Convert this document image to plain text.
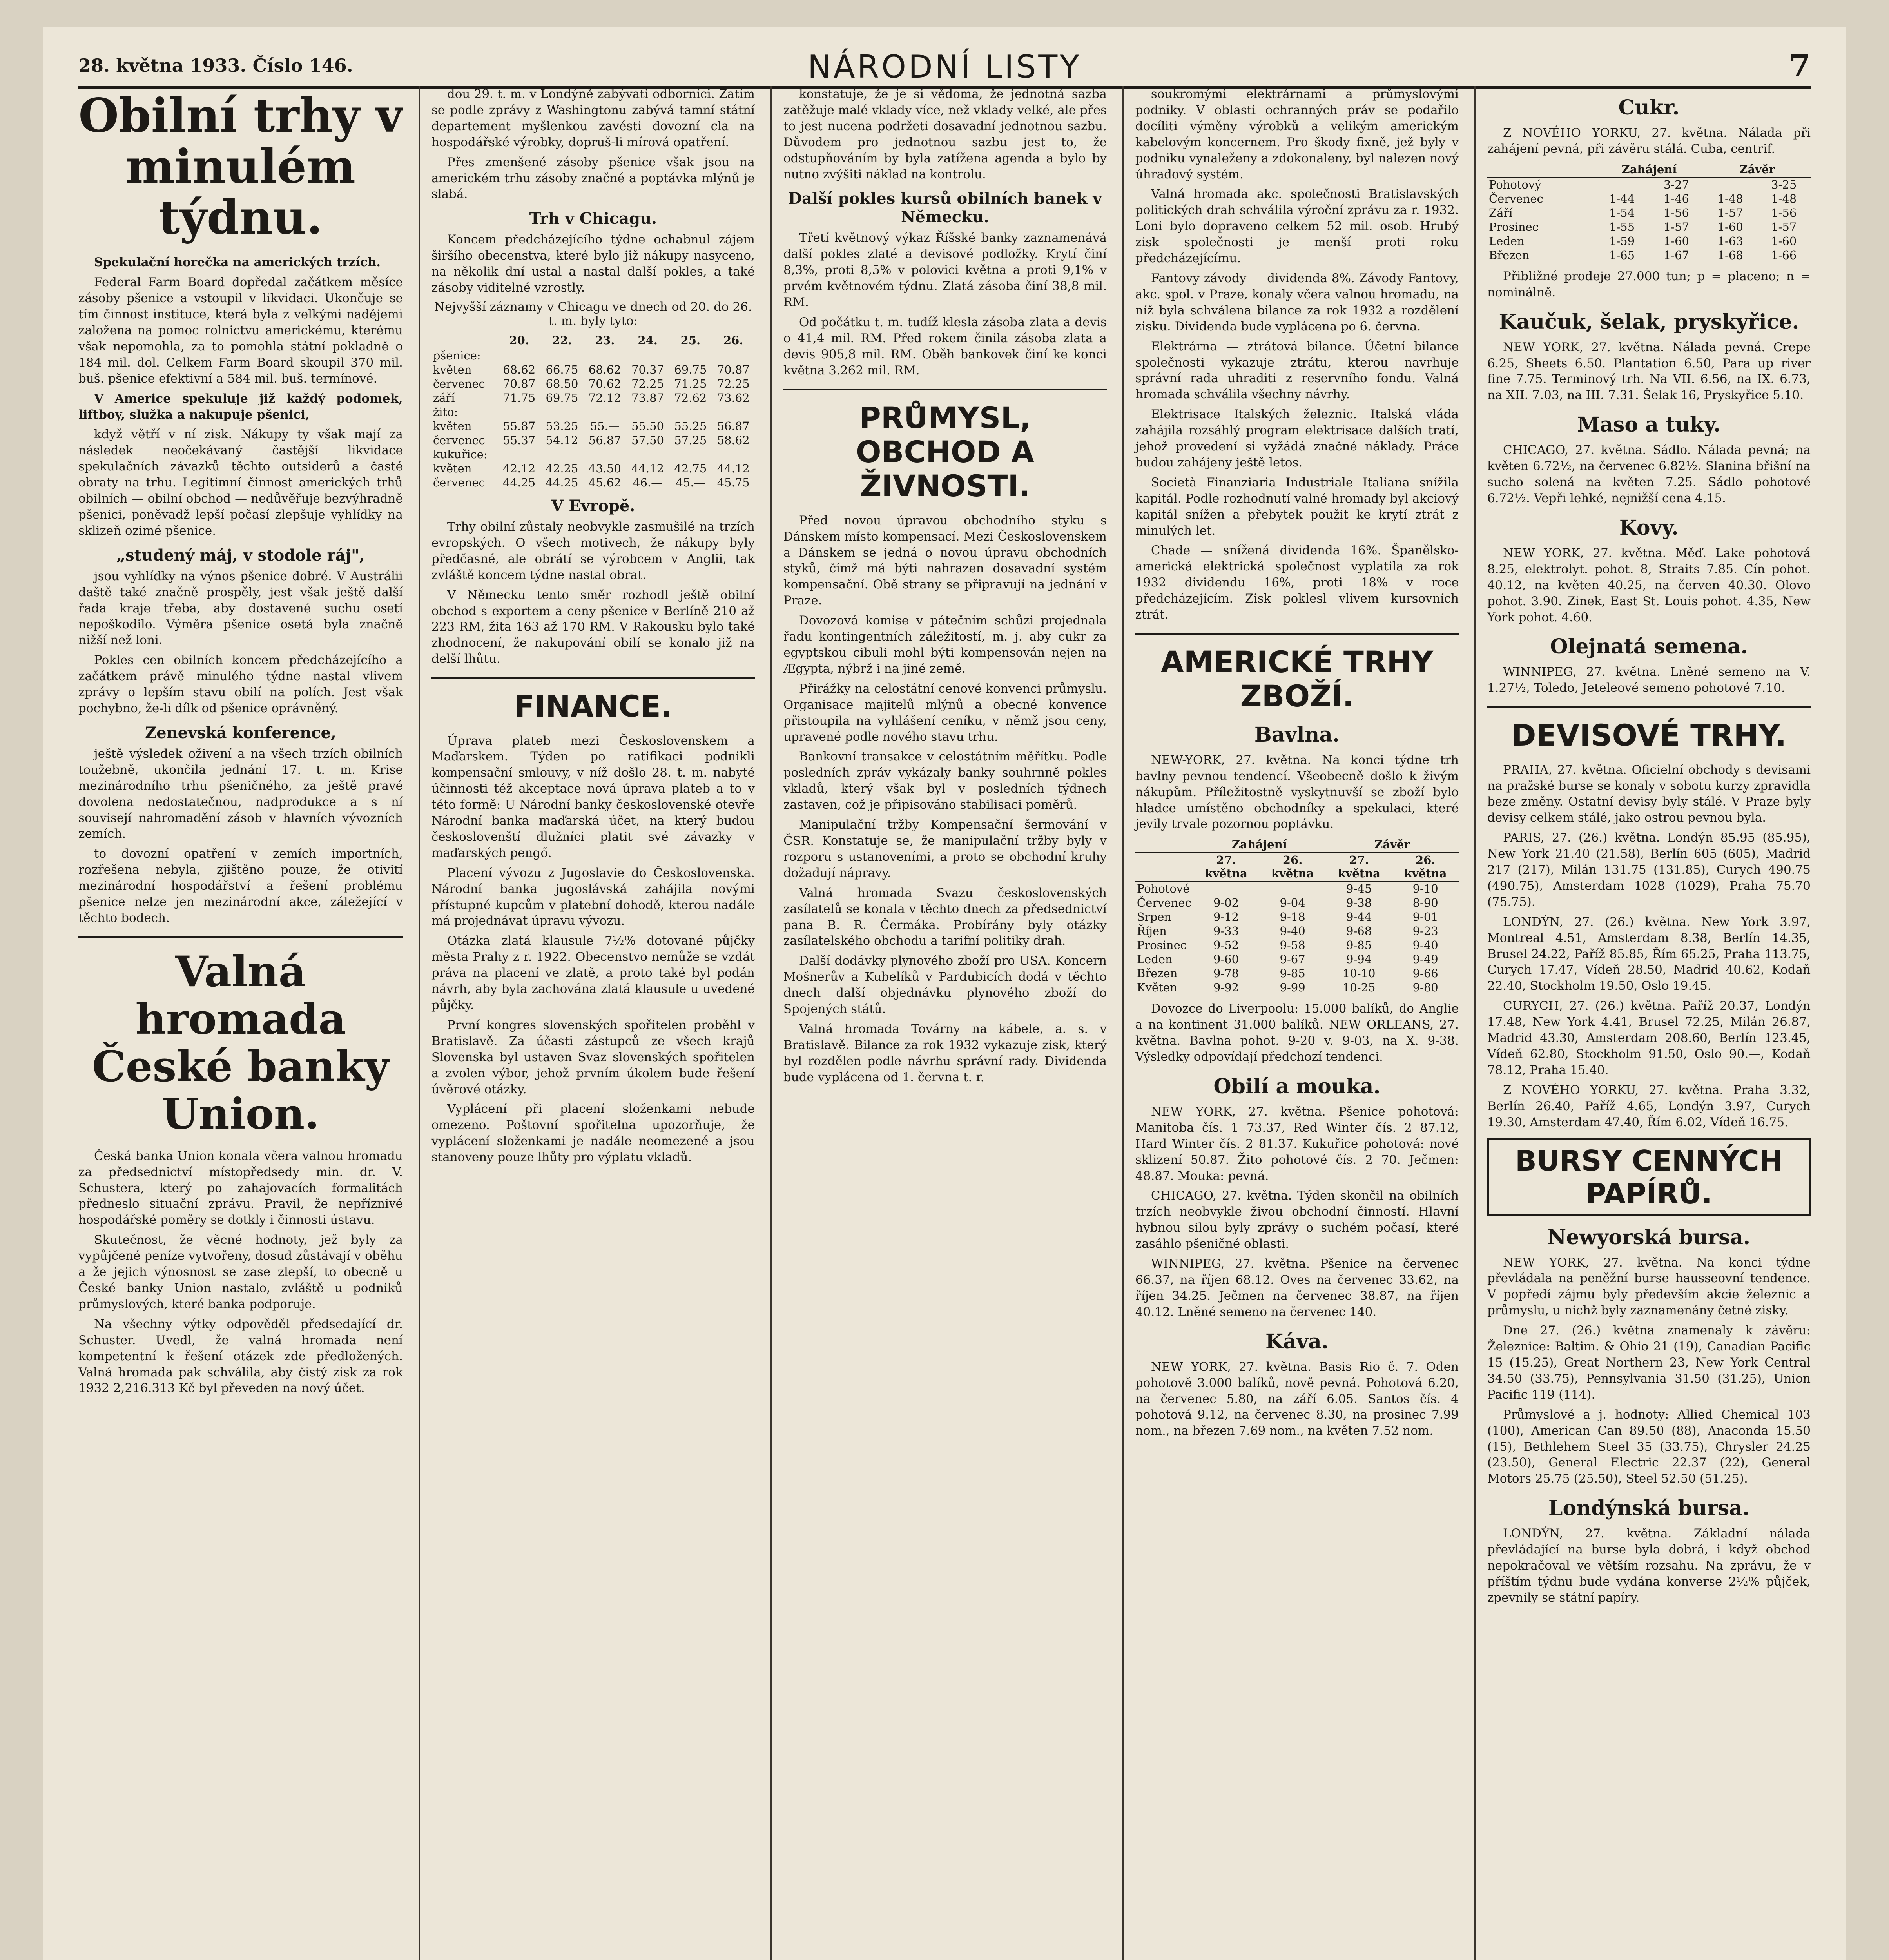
28. května 1933. Číslo 146.	NÁRODNÍ LISTY	7
Obilní trhy v minulém týdnu.

Spekulační horečka na amerických trzích.

Federal Farm Board dopředal začátkem měsíce zásoby pšenice a vstoupil v likvidaci. Ukončuje se tím činnost instituce, která byla z velkými nadějemi založena na pomoc rolnictvu americkému, kterému však nepomohla, za to pomohla státní pokladně o 184 mil. dol. Celkem Farm Board skoupil 370 mil. buš. pšenice efektivní a 584 mil. buš. termínové.

V Americe spekuluje již každý podomek, liftboy, služka a nakupuje pšenici,

když větří v ní zisk. Nákupy ty však mají za následek neočekávaný častější likvidace spekulačních závazků těchto outsiderů a časté obraty na trhu. Legitimní činnost amerických trhů obilních — obilní obchod — nedůvěřuje bezvýhradně pšenici, poněvadž lepší počasí zlepšuje vyhlídky na sklizeň ozimé pšenice.

„studený máj, v stodole ráj",

jsou vyhlídky na výnos pšenice dobré. V Austrálii daště také značně prospěly, jest však ještě další řada kraje třeba, aby dostavené suchu osetí nepoškodilo. Výměra pšenice osetá byla značně nižší než loni.

Pokles cen obilních koncem předcházejícího a začátkem právě minulého týdne nastal vlivem zprávy o lepším stavu obilí na polích. Jest však pochybno, že-li dílk od pšenice oprávněný.

Zenevská konference,

ještě výsledek oživení a na všech trzích obilních toužebně, ukončila jednání 17. t. m. Krise mezinárodního trhu pšeničného, za ještě pravé dovolena nedostatečnou, nadprodukce a s ní souvisejí nahromadění zásob v hlavních vývozních zemích.

to dovozní opatření v zemích importních, rozřešena nebyla, zjištěno pouze, že otivití mezinárodní hospodářství a řešení problému pšenice nelze jen mezinárodní akce, záležející v těchto bodech.

Valná hromada České banky Union.

Česká banka Union konala včera valnou hromadu za předsednictví místopředsedy min. dr. V. Schustera, který po zahajovacích formalitách předneslo situační zprávu. Pravil, že nepříznivé hospodářské poměry se dotkly i činnosti ústavu.

Skutečnost, že věcné hodnoty, jež byly za vypůjčené peníze vytvořeny, dosud zůstávají v oběhu a že jejich výnosnost se zase zlepší, to obecně u České banky Union nastalo, zvláště u podniků průmyslových, které banka podporuje.

Na všechny výtky odpověděl předsedající dr. Schuster. Uvedl, že valná hromada není kompetentní k řešení otázek zde předložených. Valná hromada pak schválila, aby čistý zisk za rok 1932 2,216.313 Kč byl převeden na nový účet.

dou 29. t. m. v Londýně zabývati odborníci. Zatím se podle zprávy z Washingtonu zabývá tamní státní departement myšlenkou zavésti dovozní cla na hospodářské výrobky, dopruš-li mírová opatření.

Přes zmenšené zásoby pšenice však jsou na americkém trhu zásoby značné a poptávka mlýnů je slabá.

Trh v Chicagu.

Koncem předcházejícího týdne ochabnul zájem širšího obecenstva, které bylo již nákupy nasyceno, na několik dní ustal a nastal další pokles, a také zásoby viditelné vzrostly.

Nejvyšší záznamy v Chicagu ve dnech od 20. do 26. t. m. byly tyto:
	20.	22.	23.	24.	25.	26.
pšenice:						
květen	68.62	66.75	68.62	70.37	69.75	70.87
červenec	70.87	68.50	70.62	72.25	71.25	72.25
září	71.75	69.75	72.12	73.87	72.62	73.62
žito:						
květen	55.87	53.25	55.—	55.50	55.25	56.87
červenec	55.37	54.12	56.87	57.50	57.25	58.62
kukuřice:						
květen	42.12	42.25	43.50	44.12	42.75	44.12
červenec	44.25	44.25	45.62	46.—	45.—	45.75
V Evropě.

Trhy obilní zůstaly neobvykle zasmušilé na trzích evropských. O všech motivech, že nákupy byly předčasné, ale obrátí se výrobcem v Anglii, tak zvláště koncem týdne nastal obrat.

V Německu tento směr rozhodl ještě obilní obchod s exportem a ceny pšenice v Berlíně 210 až 223 RM, žita 163 až 170 RM. V Rakousku bylo také zhodnocení, že nakupování obilí se konalo již na delší lhůtu.

FINANCE.

Úprava plateb mezi Československem a Maďarskem. Týden po ratifikaci podnikli kompensační smlouvy, v níž došlo 28. t. m. nabyté účinnosti též akceptace nová úprava plateb a to v této formě: U Národní banky československé otevře Národní banka maďarská účet, na který budou českoslovenští dlužníci platit své závazky v maďarských pengő.

Placení vývozu z Jugoslavie do Československa. Národní banka jugoslávská zahájila novými přístupné kupcům v platební dohodě, kterou nadále má projednávat úpravu vývozu.

Otázka zlatá klausule 7½% dotované půjčky města Prahy z r. 1922. Obecenstvo nemůže se vzdát práva na placení ve zlatě, a proto také byl podán návrh, aby byla zachována zlatá klausule u uvedené půjčky.

První kongres slovenských spořitelen proběhl v Bratislavě. Za účasti zástupců ze všech krajů Slovenska byl ustaven Svaz slovenských spořitelen a zvolen výbor, jehož prvním úkolem bude řešení úvěrové otázky.

Vyplácení při placení složenkami nebude omezeno. Poštovní spořitelna upozorňuje, že vyplácení složenkami je nadále neomezené a jsou stanoveny pouze lhůty pro výplatu vkladů.

konstatuje, že je si vědoma, že jednotná sazba zatěžuje malé vklady více, než vklady velké, ale přes to jest nucena podržeti dosavadní jednotnou sazbu. Důvodem pro jednotnou sazbu jest to, že odstupňováním by byla zatížena agenda a bylo by nutno zvýšiti náklad na kontrolu.

Další pokles kursů obilních banek v Německu.

Třetí květnový výkaz Říšské banky zaznamenává další pokles zlaté a devisové podložky. Krytí činí 8,3%, proti 8,5% v polovici května a proti 9,1% v prvém květnovém týdnu. Zlatá zásoba činí 38,8 mil. RM.

Od počátku t. m. tudíž klesla zásoba zlata a devis o 41,4 mil. RM. Před rokem činila zásoba zlata a devis 905,8 mil. RM. Oběh bankovek činí ke konci května 3.262 mil. RM.

PRŮMYSL, OBCHOD A ŽIVNOSTI.

Před novou úpravou obchodního styku s Dánskem místo kompensací. Mezi Československem a Dánskem se jedná o novou úpravu obchodních styků, čímž má býti nahrazen dosavadní systém kompensační. Obě strany se připravují na jednání v Praze.

Dovozová komise v pátečním schůzi projednala řadu kontingentních záležitostí, m. j. aby cukr za egyptskou cibuli mohl býti kompensován nejen na Ægypta, nýbrž i na jiné země.

Přirážky na celostátní cenové konvenci průmyslu. Organisace majitelů mlýnů a obecné konvence přistoupila na vyhlášení ceníku, v němž jsou ceny, upravené podle nového stavu trhu.

Bankovní transakce v celostátním měřítku. Podle posledních zpráv vykázaly banky souhrnně pokles vkladů, který však byl v posledních týdnech zastaven, což je připisováno stabilisaci poměrů.

Manipulační tržby Kompensační šermování v ČSR. Konstatuje se, že manipulační tržby byly v rozporu s ustanoveními, a proto se obchodní kruhy dožadují nápravy.

Valná hromada Svazu československých zasílatelů se konala v těchto dnech za předsednictví pana B. R. Čermáka. Probírány byly otázky zasílatelského obchodu a tarifní politiky drah.

Další dodávky plynového zboží pro USA. Koncern Mošnerův a Kubelíků v Pardubicích dodá v těchto dnech další objednávku plynového zboží do Spojených států.

Valná hromada Továrny na kábele, a. s. v Bratislavě. Bilance za rok 1932 vykazuje zisk, který byl rozdělen podle návrhu správní rady. Dividenda bude vyplácena od 1. června t. r.

soukromými elektrárnami a průmyslovými podniky. V oblasti ochranných práv se podařilo docíliti výměny výrobků a velikým americkým kabelovým koncernem. Pro škody fixně, jež byly v podniku vynaleženy a zdokonaleny, byl nalezen nový úhradový systém.

Valná hromada akc. společnosti Bratislavských politických drah schválila výroční zprávu za r. 1932. Loni bylo dopraveno celkem 52 mil. osob. Hrubý zisk společnosti je menší proti roku předcházejícímu.

Fantovy závody — dividenda 8%. Závody Fantovy, akc. spol. v Praze, konaly včera valnou hromadu, na níž byla schválena bilance za rok 1932 a rozdělení zisku. Dividenda bude vyplácena po 6. června.

Elektrárna — ztrátová bilance. Účetní bilance společnosti vykazuje ztrátu, kterou navrhuje správní rada uhraditi z reservního fondu. Valná hromada schválila všechny návrhy.

Elektrisace Italských železnic. Italská vláda zahájila rozsáhlý program elektrisace dalších tratí, jehož provedení si vyžádá značné náklady. Práce budou zahájeny ještě letos.

Società Finanziaria Industriale Italiana snížila kapitál. Podle rozhodnutí valné hromady byl akciový kapitál snížen a přebytek použit ke krytí ztrát z minulých let.

Chade — snížená dividenda 16%. Španělsko-americká elektrická společnost vyplatila za rok 1932 dividendu 16%, proti 18% v roce předcházejícím. Zisk poklesl vlivem kursovních ztrát.

AMERICKÉ TRHY ZBOŽÍ.
Bavlna.

NEW-YORK, 27. května. Na konci týdne trh bavlny pevnou tendencí. Všeobecně došlo k živým nákupům. Příležitostně vyskytnuvší se zboží bylo hladce umístěno obchodníky a spekulaci, které jevily trvale pozornou poptávku.

	Zahájení		Závěr	
	27. května	26. května	27. května	26. května
Pohotové			9-45	9-10
Červenec	9-02	9-04	9-38	8-90
Srpen	9-12	9-18	9-44	9-01
Říjen	9-33	9-40	9-68	9-23
Prosinec	9-52	9-58	9-85	9-40
Leden	9-60	9-67	9-94	9-49
Březen	9-78	9-85	10-10	9-66
Květen	9-92	9-99	10-25	9-80

Dovozce do Liverpoolu: 15.000 balíků, do Anglie a na kontinent 31.000 balíků. NEW ORLEANS, 27. května. Bavlna pohot. 9-20 v. 9-03, na X. 9-38. Výsledky odpovídají předchozí tendenci.

Obilí a mouka.

NEW YORK, 27. května. Pšenice pohotová: Manitoba čís. 1 73.37, Red Winter čís. 2 87.12, Hard Winter čís. 2 81.37. Kukuřice pohotová: nové sklizení 50.87. Žito pohotové čís. 2 70. Ječmen: 48.87. Mouka: pevná.

CHICAGO, 27. května. Týden skončil na obilních trzích neobvykle živou obchodní činností. Hlavní hybnou silou byly zprávy o suchém počasí, které zasáhlo pšeničné oblasti.

WINNIPEG, 27. května. Pšenice na červenec 66.37, na říjen 68.12. Oves na červenec 33.62, na říjen 34.25. Ječmen na červenec 38.87, na říjen 40.12. Lněné semeno na červenec 140.

Káva.

NEW YORK, 27. května. Basis Rio č. 7. Oden pohotově 3.000 balíků, nově pevná. Pohotová 6.20, na červenec 5.80, na září 6.05. Santos čís. 4 pohotová 9.12, na červenec 8.30, na prosinec 7.99 nom., na březen 7.69 nom., na květen 7.52 nom.

Cukr.

Z NOVÉHO YORKU, 27. května. Nálada při zahájení pevná, při závěru stálá. Cuba, centrif.

	Zahájení		Závěr	
Pohotový		3-27		3-25
Červenec	1-44	1-46	1-48	1-48
Září	1-54	1-56	1-57	1-56
Prosinec	1-55	1-57	1-60	1-57
Leden	1-59	1-60	1-63	1-60
Březen	1-65	1-67	1-68	1-66

Přibližné prodeje 27.000 tun; p = placeno; n = nominálně.

Kaučuk, šelak, pryskyřice.

NEW YORK, 27. května. Nálada pevná. Crepe 6.25, Sheets 6.50. Plantation 6.50, Para up river fine 7.75. Terminový trh. Na VII. 6.56, na IX. 6.73, na XII. 7.03, na III. 7.31. Šelak 16, Pryskyřice 5.10.

Maso a tuky.

CHICAGO, 27. května. Sádlo. Nálada pevná; na květen 6.72½, na červenec 6.82½. Slanina břišní na sucho solená na květen 7.25. Sádlo pohotové 6.72½. Vepři lehké, nejnižší cena 4.15.

Kovy.

NEW YORK, 27. května. Měď. Lake pohotová 8.25, elektrolyt. pohot. 8, Straits 7.85. Cín pohot. 40.12, na květen 40.25, na červen 40.30. Olovo pohot. 3.90. Zinek, East St. Louis pohot. 4.35, New York pohot. 4.60.

Olejnatá semena.

WINNIPEG, 27. května. Lněné semeno na V. 1.27½, Toledo, Jeteleové semeno pohotové 7.10.

DEVISOVÉ TRHY.

PRAHA, 27. května. Oficielní obchody s devisami na pražské burse se konaly v sobotu kurzy zpravidla beze změny. Ostatní devisy byly stálé. V Praze byly devisy celkem stálé, jako ostrou pevnou byla.

PARIS, 27. (26.) května. Londýn 85.95 (85.95), New York 21.40 (21.58), Berlín 605 (605), Madrid 217 (217), Milán 131.75 (131.85), Curych 490.75 (490.75), Amsterdam 1028 (1029), Praha 75.70 (75.75).

LONDÝN, 27. (26.) května. New York 3.97, Montreal 4.51, Amsterdam 8.38, Berlín 14.35, Brusel 24.22, Paříž 85.85, Řím 65.25, Praha 113.75, Curych 17.47, Vídeň 28.50, Madrid 40.62, Kodaň 22.40, Stockholm 19.50, Oslo 19.45.

CURYCH, 27. (26.) května. Paříž 20.37, Londýn 17.48, New York 4.41, Brusel 72.25, Milán 26.87, Madrid 43.30, Amsterdam 208.60, Berlín 123.45, Vídeň 62.80, Stockholm 91.50, Oslo 90.—, Kodaň 78.12, Praha 15.40.

Z NOVÉHO YORKU, 27. května. Praha 3.32, Berlín 26.40, Paříž 4.65, Londýn 3.97, Curych 19.30, Amsterdam 47.40, Řím 6.02, Vídeň 16.75.

BURSY CENNÝCH PAPÍRŮ.
Newyorská bursa.

NEW YORK, 27. května. Na konci týdne převládala na peněžní burse hausseovní tendence. V popředí zájmu byly především akcie železnic a průmyslu, u nichž byly zaznamenány četné zisky.

Dne 27. (26.) května znamenaly k závěru: Železnice: Baltim. & Ohio 21 (19), Canadian Pacific 15 (15.25), Great Northern 23, New York Central 34.50 (33.75), Pennsylvania 31.50 (31.25), Union Pacific 119 (114).

Průmyslové a j. hodnoty: Allied Chemical 103 (100), American Can 89.50 (88), Anaconda 15.50 (15), Bethlehem Steel 35 (33.75), Chrysler 24.25 (23.50), General Electric 22.37 (22), General Motors 25.75 (25.50), Steel 52.50 (51.25).

Londýnská bursa.

LONDÝN, 27. května. Základní nálada převládající na burse byla dobrá, i když obchod nepokračoval ve větším rozsahu. Na zprávu, že v příštím týdnu bude vydána konverse 2½% půjček, zpevnily se státní papíry.
